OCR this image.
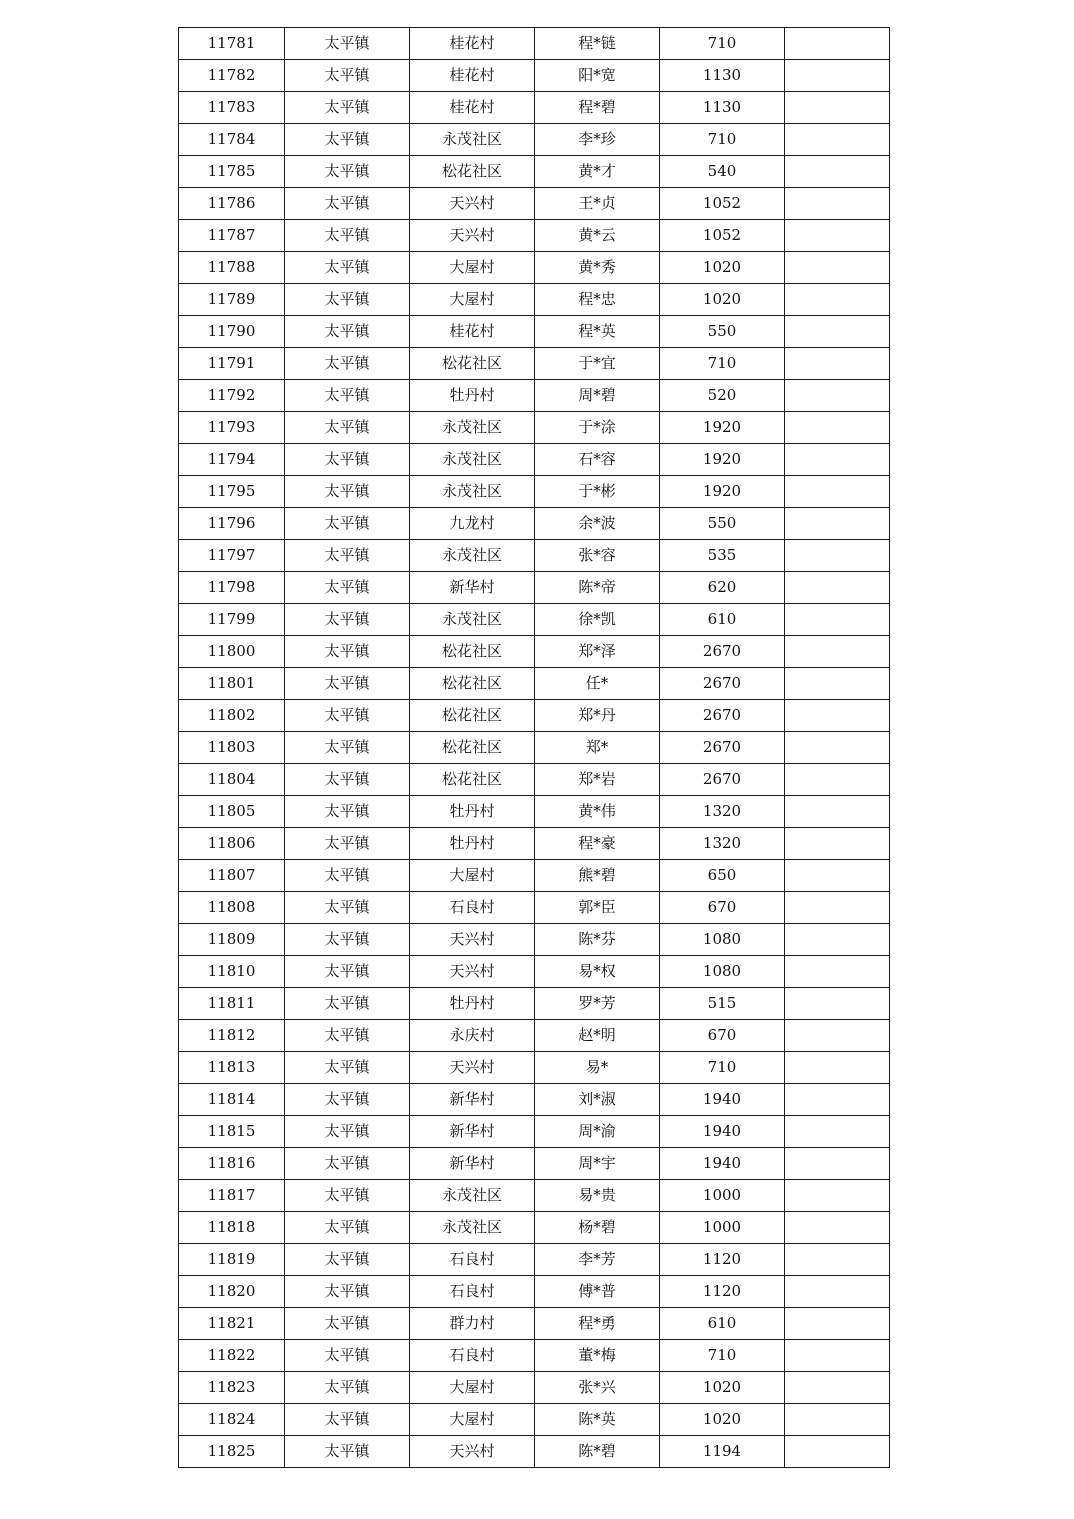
11781	太平镇	桂花村	程*链	710	
11782	太平镇	桂花村	阳*宽	1130	
11783	太平镇	桂花村	程*碧	1130	
11784	太平镇	永茂社区	李*珍	710	
11785	太平镇	松花社区	黄*才	540	
11786	太平镇	天兴村	王*贞	1052	
11787	太平镇	天兴村	黄*云	1052	
11788	太平镇	大屋村	黄*秀	1020	
11789	太平镇	大屋村	程*忠	1020	
11790	太平镇	桂花村	程*英	550	
11791	太平镇	松花社区	于*宜	710	
11792	太平镇	牡丹村	周*碧	520	
11793	太平镇	永茂社区	于*涂	1920	
11794	太平镇	永茂社区	石*容	1920	
11795	太平镇	永茂社区	于*彬	1920	
11796	太平镇	九龙村	余*波	550	
11797	太平镇	永茂社区	张*容	535	
11798	太平镇	新华村	陈*帝	620	
11799	太平镇	永茂社区	徐*凯	610	
11800	太平镇	松花社区	郑*泽	2670	
11801	太平镇	松花社区	任*	2670	
11802	太平镇	松花社区	郑*丹	2670	
11803	太平镇	松花社区	郑*	2670	
11804	太平镇	松花社区	郑*岩	2670	
11805	太平镇	牡丹村	黄*伟	1320	
11806	太平镇	牡丹村	程*豪	1320	
11807	太平镇	大屋村	熊*碧	650	
11808	太平镇	石良村	郭*臣	670	
11809	太平镇	天兴村	陈*芬	1080	
11810	太平镇	天兴村	易*权	1080	
11811	太平镇	牡丹村	罗*芳	515	
11812	太平镇	永庆村	赵*明	670	
11813	太平镇	天兴村	易*	710	
11814	太平镇	新华村	刘*淑	1940	
11815	太平镇	新华村	周*渝	1940	
11816	太平镇	新华村	周*宇	1940	
11817	太平镇	永茂社区	易*贵	1000	
11818	太平镇	永茂社区	杨*碧	1000	
11819	太平镇	石良村	李*芳	1120	
11820	太平镇	石良村	傅*普	1120	
11821	太平镇	群力村	程*勇	610	
11822	太平镇	石良村	董*梅	710	
11823	太平镇	大屋村	张*兴	1020	
11824	太平镇	大屋村	陈*英	1020	
11825	太平镇	天兴村	陈*碧	1194	
